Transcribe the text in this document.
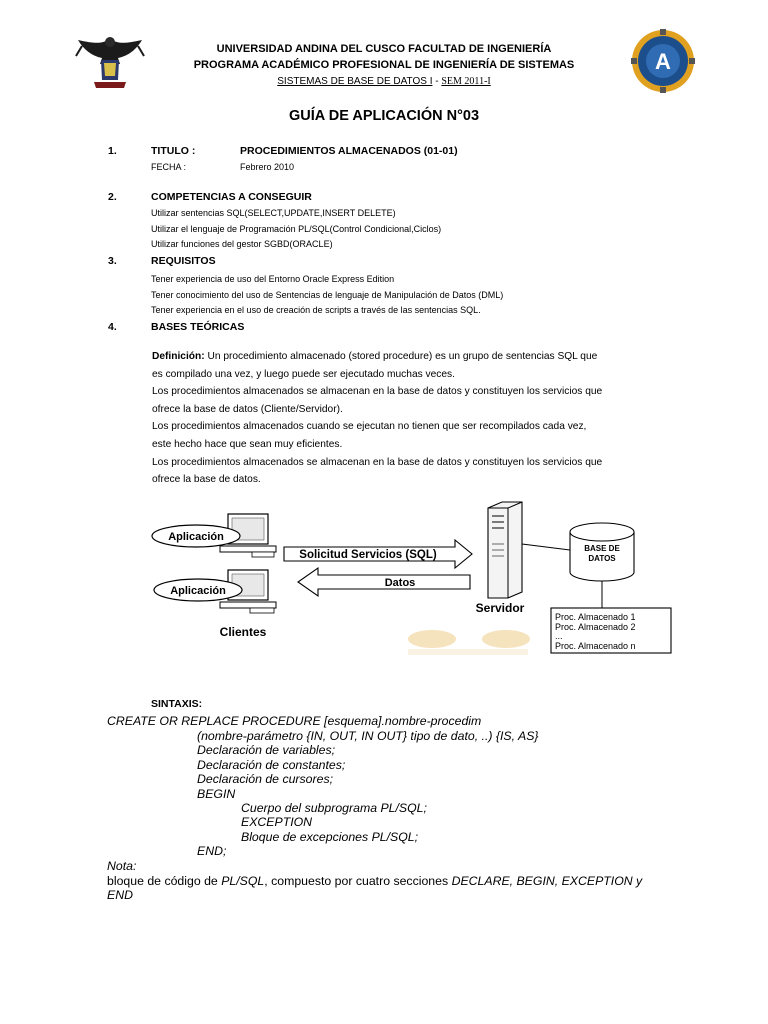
UNIVERSIDAD ANDINA DEL CUSCO FACULTAD DE INGENIERÍA
PROGRAMA ACADÉMICO PROFESIONAL DE INGENIERÍA DE SISTEMAS
SISTEMAS DE BASE DE DATOS I - SEM 2011-I
A
GUÍA DE APLICACIÓN N°03
1.	TITULO :	PROCEDIMIENTOS ALMACENADOS (01-01)
FECHA :	Febrero 2010
2.	COMPETENCIAS A CONSEGUIR
Utilizar sentencias SQL(SELECT,UPDATE,INSERT DELETE)
Utilizar el lenguaje de Programación PL/SQL(Control Condicional,Ciclos)
Utilizar funciones del gestor SGBD(ORACLE)
3.	REQUISITOS
Tener experiencia de uso del Entorno Oracle Express Edition
Tener conocimiento del uso de Sentencias de lenguaje de Manipulación de Datos (DML)
Tener experiencia en el uso de creación de scripts a través de las sentencias SQL.
4.	BASES TEÓRICAS
Definición: Un procedimiento almacenado (stored procedure) es un grupo de sentencias SQL que
es compilado una vez, y luego puede ser ejecutado muchas veces.
Los procedimientos almacenados se almacenan en la base de datos y constituyen los servicios que
ofrece la base de datos (Cliente/Servidor).
Los procedimientos almacenados cuando se ejecutan no tienen que ser recompilados cada vez,
este hecho hace que sean muy eficientes.
Los procedimientos almacenados se almacenan en la base de datos y constituyen los servicios que
ofrece la base de datos.
Aplicación
Aplicación
Clientes
Solicitud Servicios (SQL)
Datos
Servidor
BASE DE
DATOS
Proc. Almacenado 1
Proc. Almacenado 2
...
Proc. Almacenado n
SINTAXIS:
CREATE OR REPLACE PROCEDURE [esquema].nombre-procedim
(nombre-parámetro {IN, OUT, IN OUT} tipo de dato, ..) {IS, AS}
Declaración de variables;
Declaración de constantes;
Declaración de cursores;
BEGIN
Cuerpo del subprograma PL/SQL;
EXCEPTION
Bloque de excepciones PL/SQL;
END;
Nota:
bloque de código de PL/SQL, compuesto por cuatro secciones DECLARE, BEGIN, EXCEPTION y
END
